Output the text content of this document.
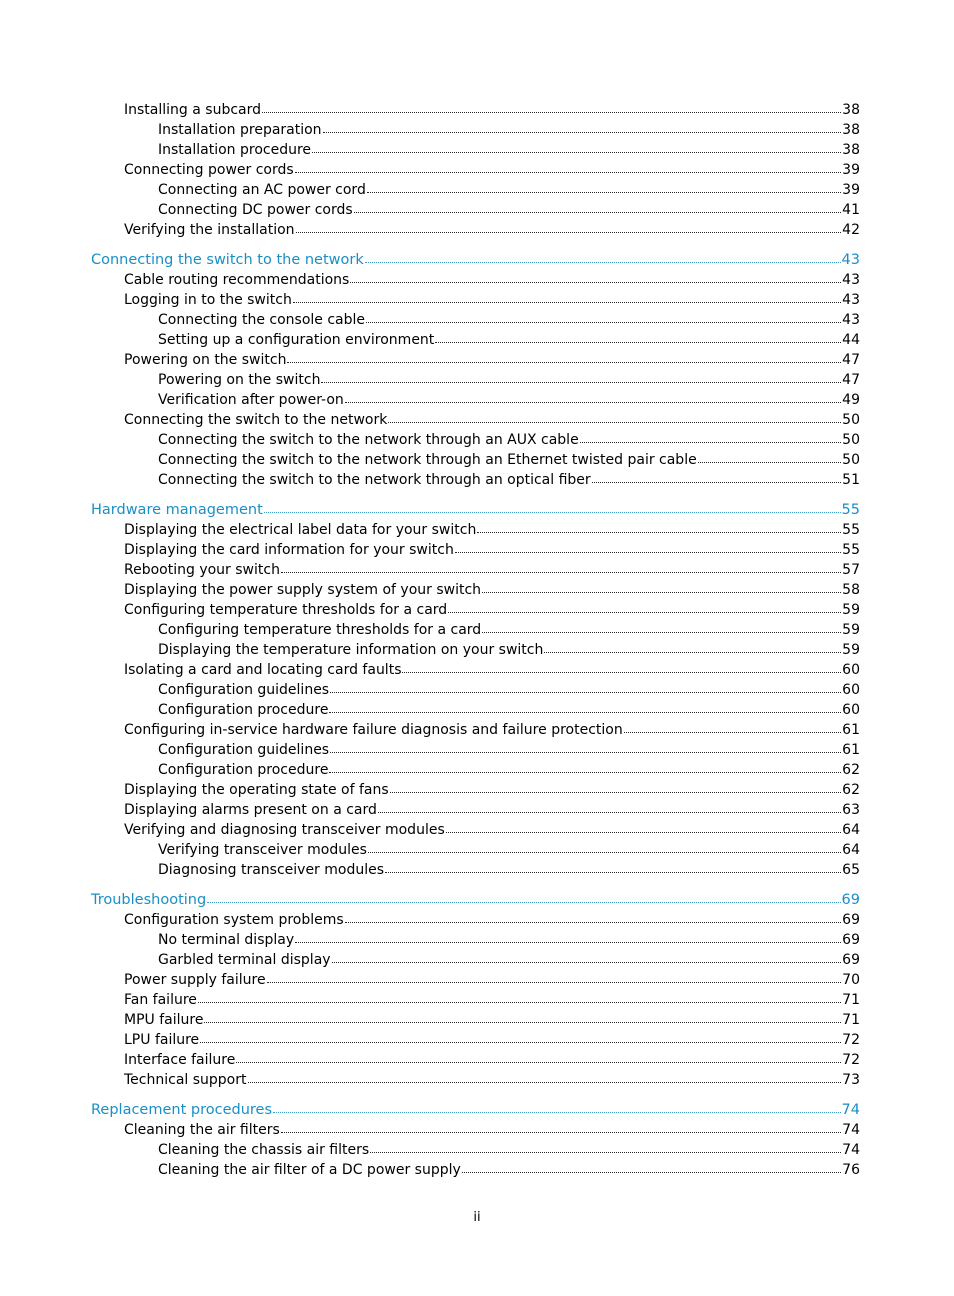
Installing a subcard	38
Installation preparation	38
Installation procedure	38
Connecting power cords	39
Connecting an AC power cord	39
Connecting DC power cords	41
Verifying the installation	42
Connecting the switch to the network	43
Cable routing recommendations	43
Logging in to the switch	43
Connecting the console cable	43
Setting up a configuration environment	44
Powering on the switch	47
Powering on the switch	47
Verification after power-on	49
Connecting the switch to the network	50
Connecting the switch to the network through an AUX cable	50
Connecting the switch to the network through an Ethernet twisted pair cable	50
Connecting the switch to the network through an optical fiber	51
Hardware management	55
Displaying the electrical label data for your switch	55
Displaying the card information for your switch	55
Rebooting your switch	57
Displaying the power supply system of your switch	58
Configuring temperature thresholds for a card	59
Configuring temperature thresholds for a card	59
Displaying the temperature information on your switch	59
Isolating a card and locating card faults	60
Configuration guidelines	60
Configuration procedure	60
Configuring in-service hardware failure diagnosis and failure protection	61
Configuration guidelines	61
Configuration procedure	62
Displaying the operating state of fans	62
Displaying alarms present on a card	63
Verifying and diagnosing transceiver modules	64
Verifying transceiver modules	64
Diagnosing transceiver modules	65
Troubleshooting	69
Configuration system problems	69
No terminal display	69
Garbled terminal display	69
Power supply failure	70
Fan failure	71
MPU failure	71
LPU failure	72
Interface failure	72
Technical support	73
Replacement procedures	74
Cleaning the air filters	74
Cleaning the chassis air filters	74
Cleaning the air filter of a DC power supply	76
ii
